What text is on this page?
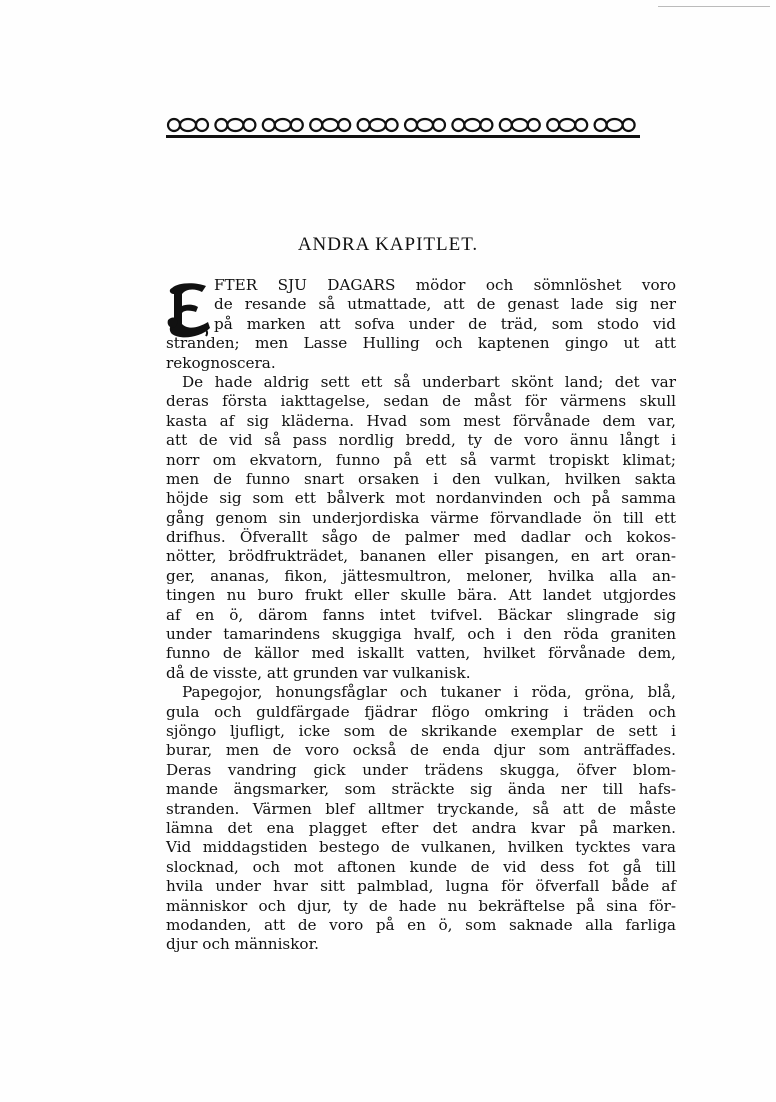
ANDRA KAPITLET.
FTER SJU DAGARS mödor och sömnlöshet voro
de resande så utmattade, att de genast lade sig ner
på marken att sofva under de träd, som stodo vid
stranden; men Lasse Hulling och kaptenen gingo ut att
rekognoscera.
De hade aldrig sett ett så underbart skönt land; det var
deras första iakttagelse, sedan de måst för värmens skull
kasta af sig kläderna. Hvad som mest förvånade dem var,
att de vid så pass nordlig bredd, ty de voro ännu långt i
norr om ekvatorn, funno på ett så varmt tropiskt klimat;
men de funno snart orsaken i den vulkan, hvilken sakta
höjde sig som ett bålverk mot nordanvinden och på samma
gång genom sin underjordiska värme förvandlade ön till ett
drifhus. Öfverallt sågo de palmer med dadlar och kokos-
nötter, brödfrukträdet, bananen eller pisangen, en art oran-
ger, ananas, fikon, jättesmultron, meloner, hvilka alla an-
tingen nu buro frukt eller skulle bära. Att landet utgjordes
af en ö, därom fanns intet tvifvel. Bäckar slingrade sig
under tamarindens skuggiga hvalf, och i den röda graniten
funno de källor med iskallt vatten, hvilket förvånade dem,
då de visste, att grunden var vulkanisk.
Papegojor, honungsfåglar och tukaner i röda, gröna, blå,
gula och guldfärgade fjädrar flögo omkring i träden och
sjöngo ljufligt, icke som de skrikande exemplar de sett i
burar, men de voro också de enda djur som anträffades.
Deras vandring gick under trädens skugga, öfver blom-
mande ängsmarker, som sträckte sig ända ner till hafs-
stranden. Värmen blef alltmer tryckande, så att de måste
lämna det ena plagget efter det andra kvar på marken.
Vid middagstiden bestego de vulkanen, hvilken tycktes vara
slocknad, och mot aftonen kunde de vid dess fot gå till
hvila under hvar sitt palmblad, lugna för öfverfall både af
människor och djur, ty de hade nu bekräftelse på sina för-
modanden, att de voro på en ö, som saknade alla farliga
djur och människor.
